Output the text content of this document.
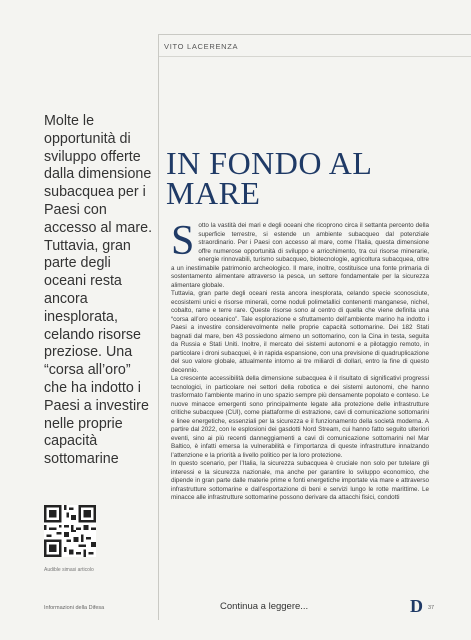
VITO LACERENZA
Molte le opportunità di sviluppo offerte dalla dimensione subacquea per i Paesi con accesso al mare. Tuttavia, gran parte degli oceani resta ancora inesplorata, celando risorse preziose. Una “corsa all’oro” che ha indotto i Paesi a investire nelle proprie capacità sottomarine
Audible simasi articolo
IN FONDO AL MARE

Sotto la vastità dei mari e degli oceani che ricoprono circa il settanta percento della superficie terrestre, si estende un ambiente subacqueo dal potenziale straordinario. Per i Paesi con accesso al mare, come l’Italia, questa dimensione offre numerose opportunità di sviluppo e arricchimento, tra cui risorse minerarie, energie rinnovabili, turismo subacqueo, biotecnologie, agricoltura subacquea, oltre a un inestimabile patrimonio archeologico. Il mare, inoltre, costituisce una fonte primaria di sostentamento alimentare attraverso la pesca, un settore fondamentale per la sicurezza alimentare globale.

Tuttavia, gran parte degli oceani resta ancora inesplorata, celando specie sconosciute, ecosistemi unici e risorse minerali, come noduli polimetallici contenenti manganese, nichel, cobalto, rame e terre rare. Queste risorse sono al centro di quella che viene definita una “corsa all’oro oceanico”. Tale esplorazione e sfruttamento dell’ambiente marino ha indotto i Paesi a investire considerevolmente nelle proprie capacità sottomarine. Dei 182 Stati bagnati dal mare, ben 43 possiedono almeno un sottomarino, con la Cina in testa, seguita da Russia e Stati Uniti. Inoltre, il mercato dei sistemi autonomi e a pilotaggio remoto, in particolare i droni subacquei, è in rapida espansione, con una previsione di quadruplicazione del suo valore globale, attualmente intorno ai tre miliardi di dollari, entro la fine di questo decennio.

La crescente accessibilità della dimensione subacquea è il risultato di significativi progressi tecnologici, in particolare nei settori della robotica e dei sistemi autonomi, che hanno trasformato l’ambiente marino in uno spazio sempre più densamente popolato e conteso. Le nuove minacce emergenti sono principalmente legate alla protezione delle infrastrutture critiche subacquee (CUI), come piattaforme di estrazione, cavi di comunicazione sottomarini e linee energetiche, essenziali per la sicurezza e il funzionamento della società moderna. A partire dal 2022, con le esplosioni dei gasdotti Nord Stream, cui hanno fatto seguito ulteriori eventi, sino ai più recenti danneggiamenti a cavi di comunicazione sottomarini nel Mar Baltico, è infatti emersa la vulnerabilità e l’importanza di queste infrastrutture innalzando l’attenzione e la priorità a livello politico per la loro protezione.

In questo scenario, per l’Italia, la sicurezza subacquea è cruciale non solo per tutelare gli interessi e la sicurezza nazionale, ma anche per garantire lo sviluppo economico, che dipende in gran parte dalle materie prime e fonti energetiche importate via mare e attraverso infrastrutture sottomarine e dall’esportazione di beni e servizi lungo le rotte marittime. Le minacce alle infrastrutture sottomarine possono derivare da attacchi fisici, condotti

Informazioni della Difesa	Continua a leggere...	D 37
